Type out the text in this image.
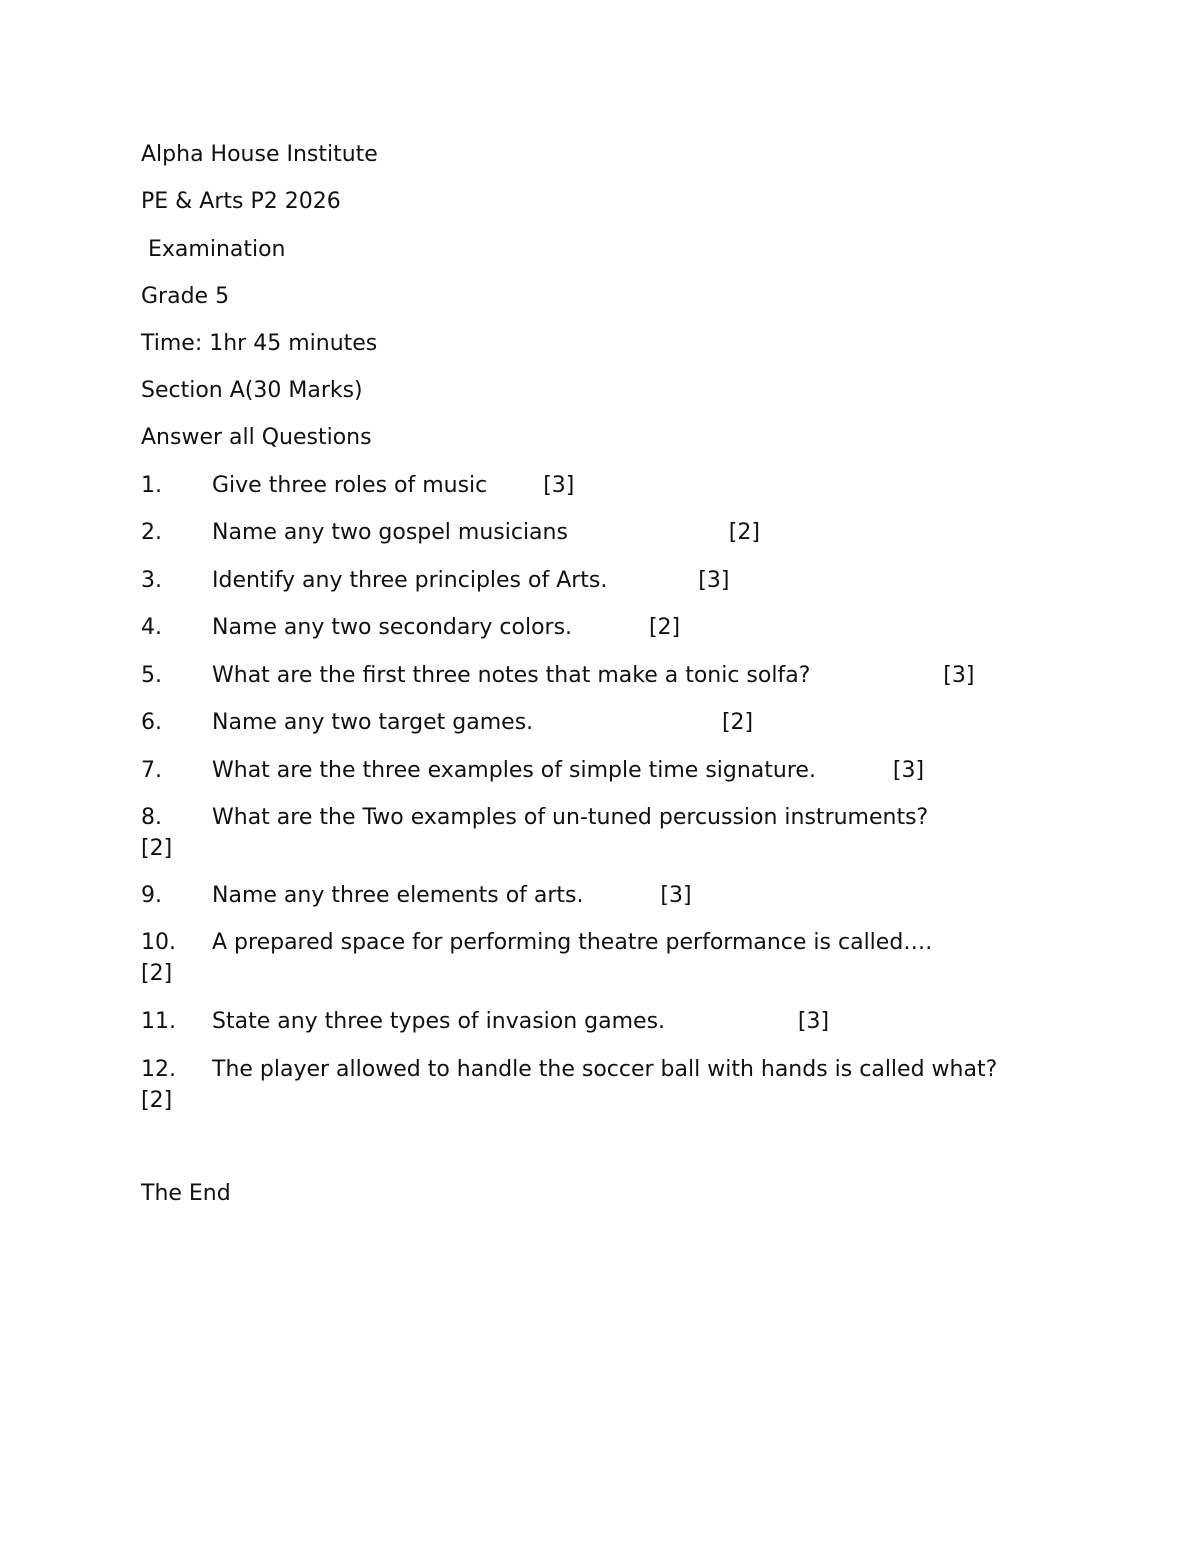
Alpha House Institute
PE & Arts P2 2026
Examination
Grade 5
Time: 1hr 45 minutes
Section A(30 Marks)
Answer all Questions
1.	Give three roles of music        [3]
2.	Name any two gospel musicians                       [2]
3.	Identify any three principles of Arts.             [3]
4.	Name any two secondary colors.           [2]
5.	What are the first three notes that make a tonic solfa?                   [3]
6.	Name any two target games.                           [2]
7.	What are the three examples of simple time signature.           [3]
8.	What are the Two examples of un-tuned percussion instruments?
[2]
9.	Name any three elements of arts.           [3]
10.	A prepared space for performing theatre performance is called….
[2]
11.	State any three types of invasion games.                   [3]
12.	The player allowed to handle the soccer ball with hands is called what?
[2]
The End
